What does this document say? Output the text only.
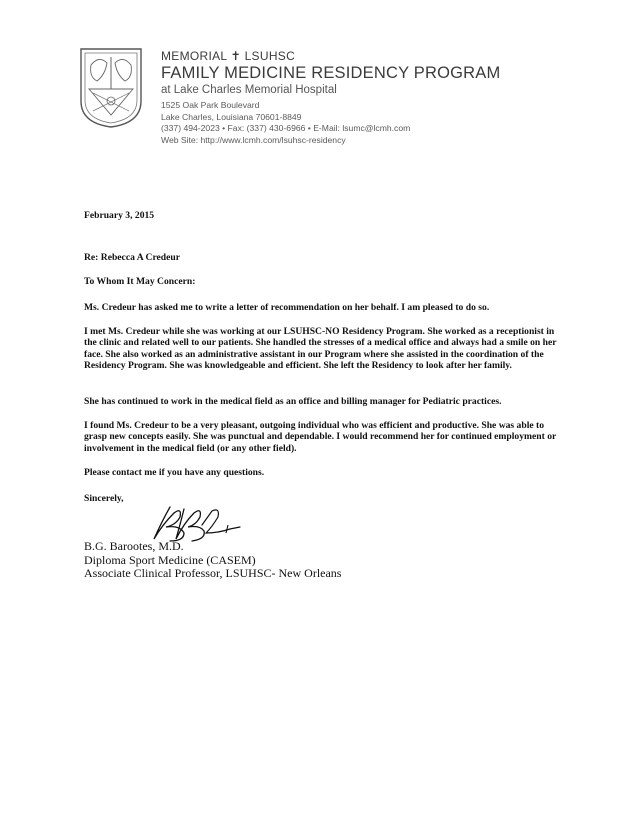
MEMORIAL ✝ LSUHSC
FAMILY MEDICINE RESIDENCY PROGRAM
at Lake Charles Memorial Hospital
1525 Oak Park Boulevard
Lake Charles, Louisiana 70601-8849
(337) 494-2023 • Fax: (337) 430-6966 • E-Mail: lsumc@lcmh.com
Web Site: http://www.lcmh.com/lsuhsc-residency
February 3, 2015
Re: Rebecca A Credeur
To Whom It May Concern:
Ms. Credeur has asked me to write a letter of recommendation on her behalf. I am pleased to do so.
I met Ms. Credeur while she was working at our LSUHSC-NO Residency Program. She worked as a receptionist in the clinic and related well to our patients. She handled the stresses of a medical office and always had a smile on her face. She also worked as an administrative assistant in our Program where she assisted in the coordination of the Residency Program. She was knowledgeable and efficient. She left the Residency to look after her family.
She has continued to work in the medical field as an office and billing manager for Pediatric practices.
I found Ms. Credeur to be a very pleasant, outgoing individual who was efficient and productive. She was able to grasp new concepts easily. She was punctual and dependable. I would recommend her for continued employment or involvement in the medical field (or any other field).
Please contact me if you have any questions.
Sincerely,
B.G. Barootes, M.D.
Diploma Sport Medicine (CASEM)
Associate Clinical Professor, LSUHSC- New Orleans
